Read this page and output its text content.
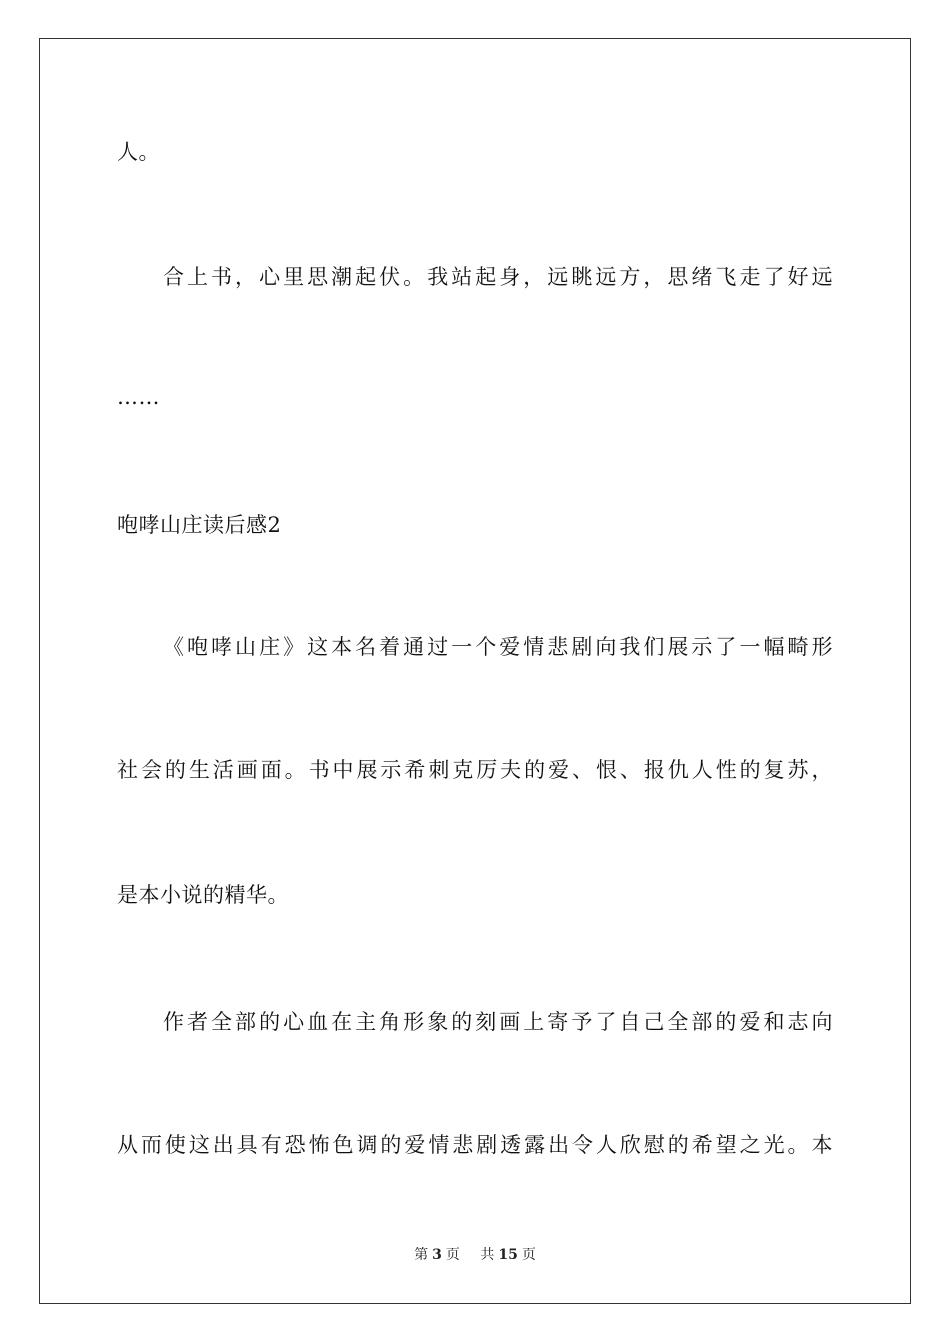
人。
合上书，心里思潮起伏。我站起身，远眺远方，思绪飞走了好远
……
咆哮山庄读后感2
《咆哮山庄》这本名着通过一个爱情悲剧向我们展示了一幅畸形
社会的生活画面。书中展示希刺克厉夫的爱、恨、报仇人性的复苏，
是本小说的精华。
作者全部的心血在主角形象的刻画上寄予了自己全部的爱和志向
从而使这出具有恐怖色调的爱情悲剧透露出令人欣慰的希望之光。本
第 3 页 共 15 页
